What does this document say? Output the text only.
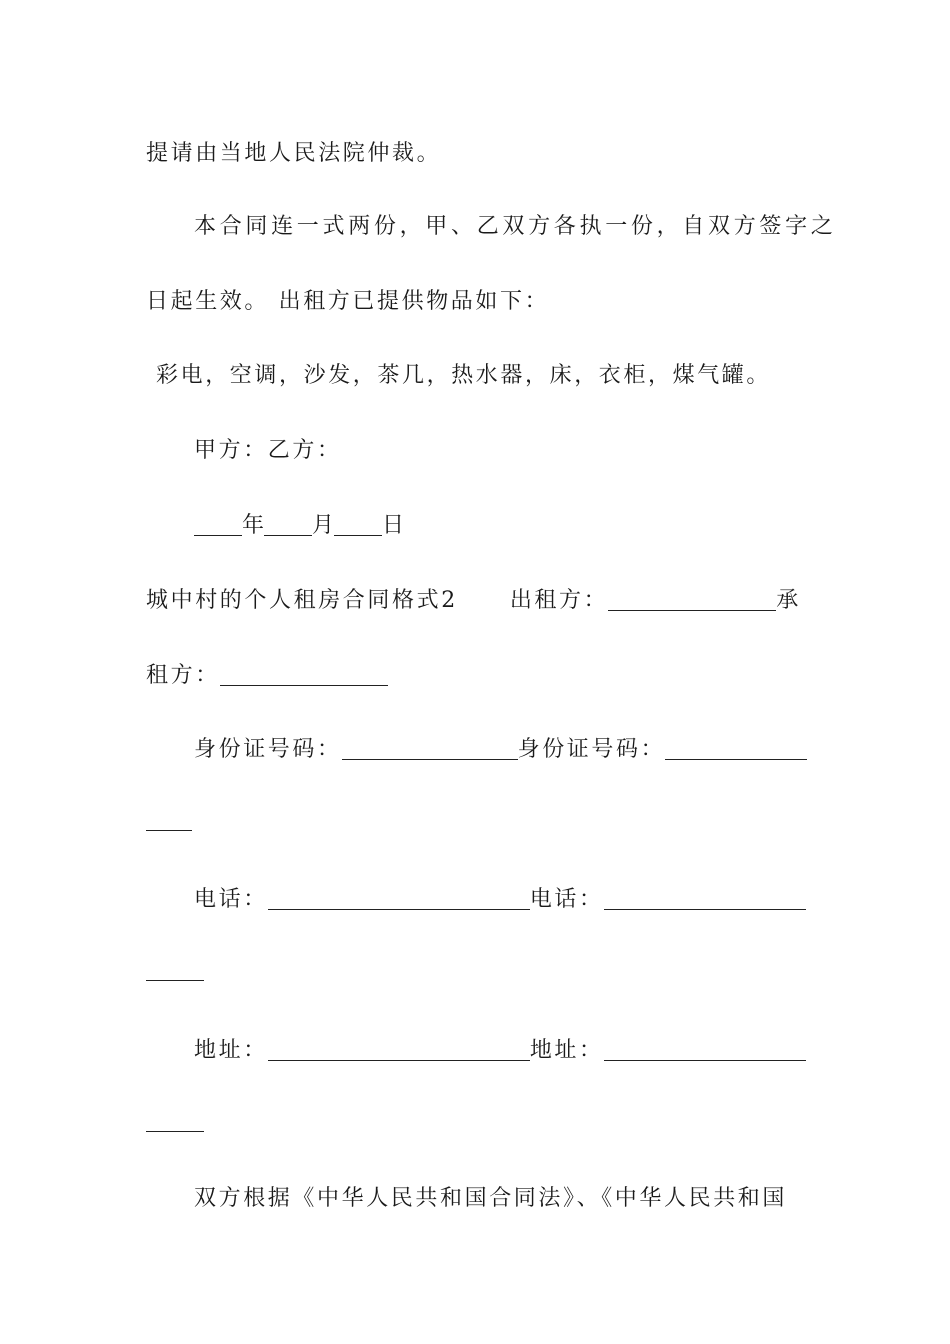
提请由当地人民法院仲裁。
本合同连一式两份，甲、乙双方各执一份，自双方签字之
日起生效。 出租方已提供物品如下：
彩电，空调，沙发，茶几，热水器，床，衣柜，煤气罐。
甲方：乙方：
年 月 日
城中村的个人租房合同格式2 出租方：	承
租方：
身份证号码：	身份证号码：
电话：	电话：
地址：	地址：
双方根据《中华人民共和国合同法》、《中华人民共和国
